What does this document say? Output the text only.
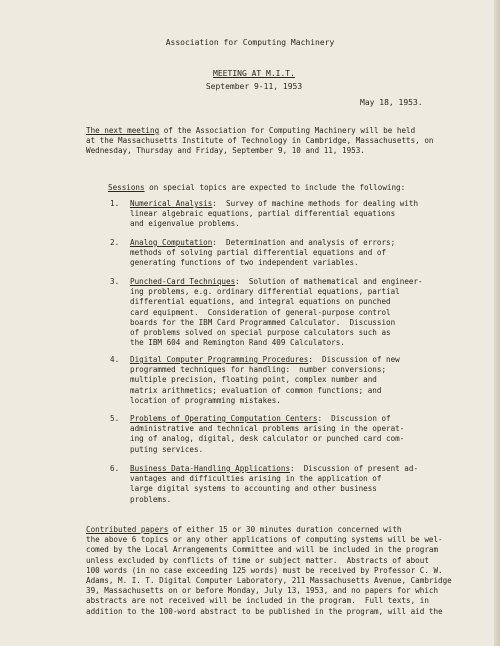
Association for Computing Machinery
MEETING AT M.I.T.
September 9-11, 1953
May 18, 1953.
The next meeting of the Association for Computing Machinery will be held
at the Massachusetts Institute of Technology in Cambridge, Massachusetts, on
Wednesday, Thursday and Friday, September 9, 10 and 11, 1953.
Sessions on special topics are expected to include the following:
1. Numerical Analysis:  Survey of machine methods for dealing with
linear algebraic equations, partial differential equations
and eigenvalue problems.
2. Analog Computation:  Determination and analysis of errors;
methods of solving partial differential equations and of
generating functions of two independent variables.
3. Punched-Card Techniques:  Solution of mathematical and engineer-
ing problems, e.g. ordinary differential equations, partial
differential equations, and integral equations on punched
card equipment.  Consideration of general-purpose control
boards for the IBM Card Programmed Calculator.  Discussion
of problems solved on special purpose calculators such as
the IBM 604 and Remington Rand 409 Calculators.
4. Digital Computer Programming Procedures:  Discussion of new
programmed techniques for handling:  number conversions;
multiple precision, floating point, complex number and
matrix arithmetics; evaluation of common functions; and
location of programming mistakes.
5. Problems of Operating Computation Centers:  Discussion of
administrative and technical problems arising in the operat-
ing of analog, digital, desk calculator or punched card com-
puting services.
6. Business Data-Handling Applications:  Discussion of present ad-
vantages and difficulties arising in the application of
large digital systems to accounting and other business
problems.
Contributed papers of either 15 or 30 minutes duration concerned with
the above 6 topics or any other applications of computing systems will be wel-
comed by the Local Arrangements Committee and will be included in the program
unless excluded by conflicts of time or subject matter.  Abstracts of about
100 words (in no case exceeding 125 words) must be received by Professor C. W.
Adams, M. I. T. Digital Computer Laboratory, 211 Massachusetts Avenue, Cambridge
39, Massachusetts on or before Monday, July 13, 1953, and no papers for which
abstracts are not received will be included in the program.  Full texts, in
addition to the 100-word abstract to be published in the program, will aid the
